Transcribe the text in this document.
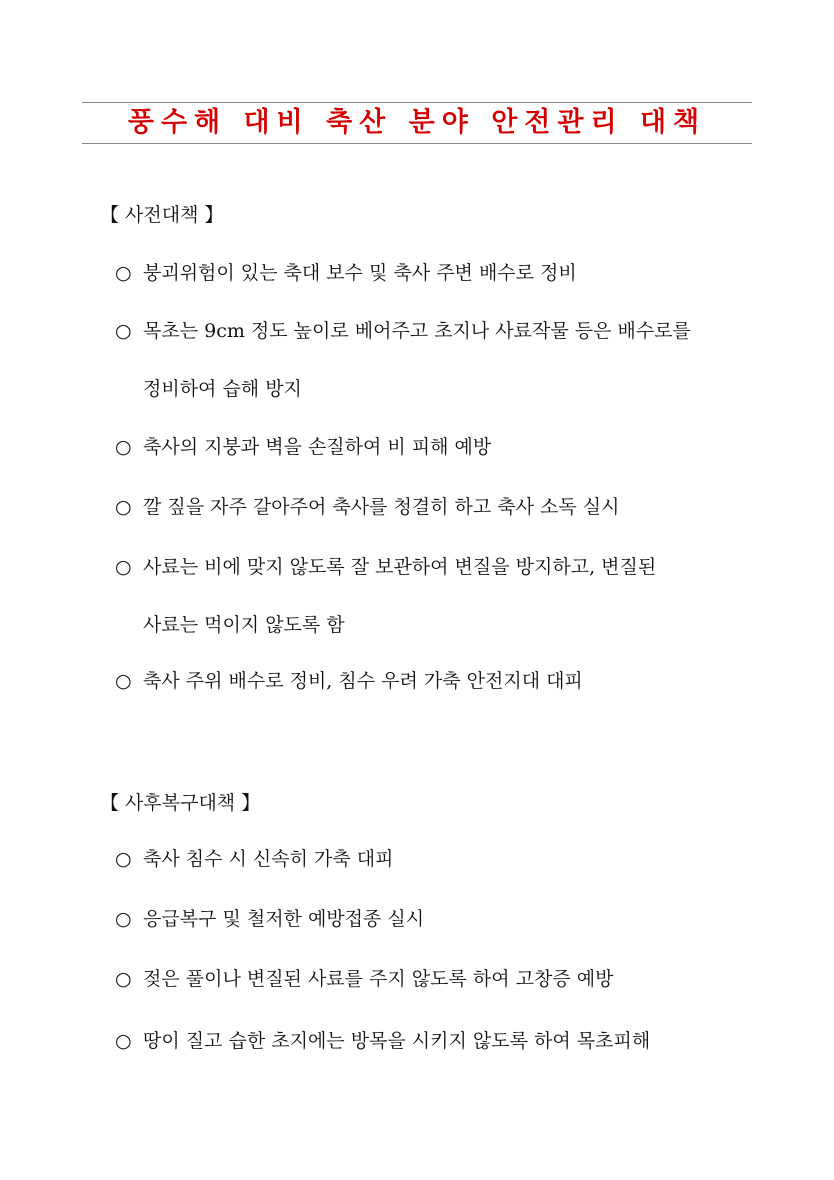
풍수해 대비 축산 분야 안전관리 대책
【 사전대책 】
○ 붕괴위험이 있는 축대 보수 및 축사 주변 배수로 정비
○ 목초는 9cm 정도 높이로 베어주고 초지나 사료작물 등은 배수로를
정비하여 습해 방지
○ 축사의 지붕과 벽을 손질하여 비 피해 예방
○ 깔 짚을 자주 갈아주어 축사를 청결히 하고 축사 소독 실시
○ 사료는 비에 맞지 않도록 잘 보관하여 변질을 방지하고, 변질된
사료는 먹이지 않도록 함
○ 축사 주위 배수로 정비, 침수 우려 가축 안전지대 대피
【 사후복구대책 】
○ 축사 침수 시 신속히 가축 대피
○ 응급복구 및 철저한 예방접종 실시
○ 젖은 풀이나 변질된 사료를 주지 않도록 하여 고창증 예방
○ 땅이 질고 습한 초지에는 방목을 시키지 않도록 하여 목초피해
